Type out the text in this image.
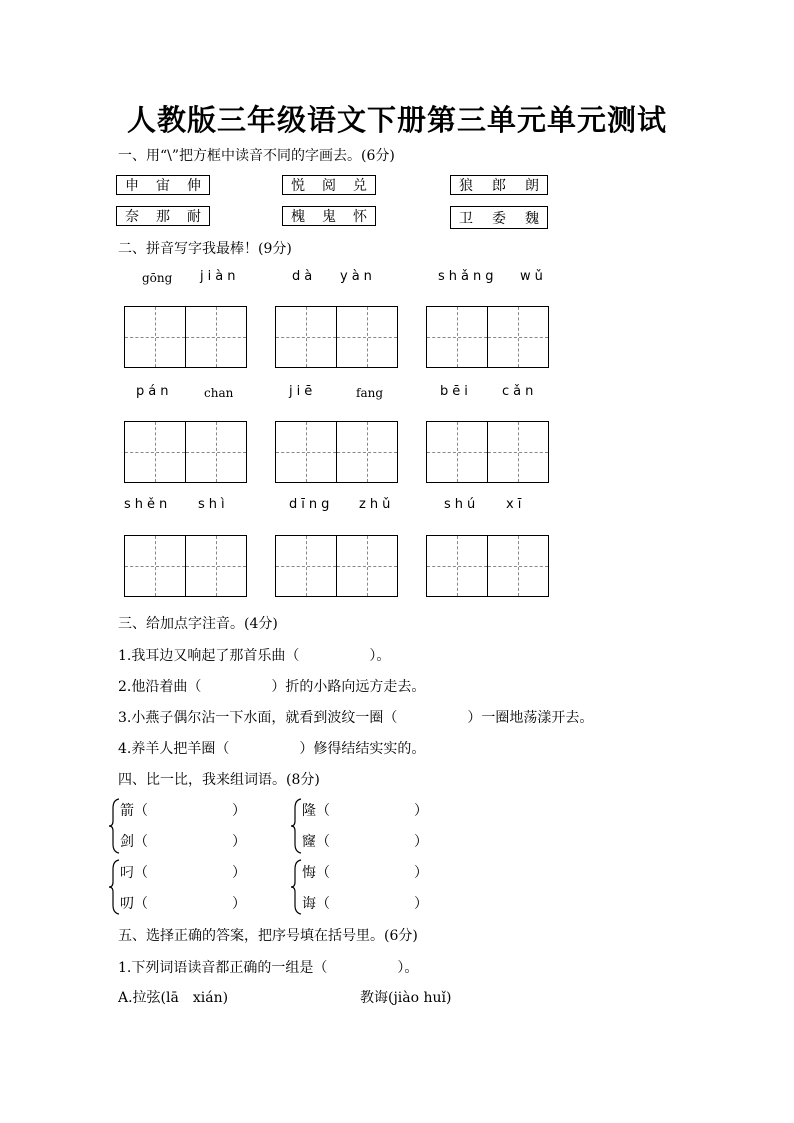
人教版三年级语文下册第三单元单元测试
一、用“\”把方框中读音不同的字画去。(6分)
申 宙 伸	悦 阅 兑	狼 郎 朗
奈 那 耐	槐 鬼 怀	卫 委 魏
二、拼音写字我最棒！(9分)
gōng jiàn	dà yàn	shǎng wǔ
pán	chan	jiē	fang	bēi cǎn
shěn shì	dīng zhǔ	shú xī
三、给加点字注音。(4分)
1.我耳边又响起了那首乐曲（　　　　　）。
2.他沿着曲（　　　　　）折的小路向远方走去。
3.小燕子偶尔沾一下水面，就看到波纹一圈（　　　　　）一圈地荡漾开去。
4.养羊人把羊圈（　　　　　）修得结结实实的。
四、比一比，我来组词语。(8分)
箭（　　　　　　）
剑（　　　　　　）
隆（　　　　　　）
窿（　　　　　　）
叼（　　　　　　）
叨（　　　　　　）
悔（　　　　　　）
诲（　　　　　　）
五、选择正确的答案，把序号填在括号里。(6分)
1.下列词语读音都正确的一组是（　　　　　）。
A.拉弦(lā　xián)	教诲(jiào huǐ)
